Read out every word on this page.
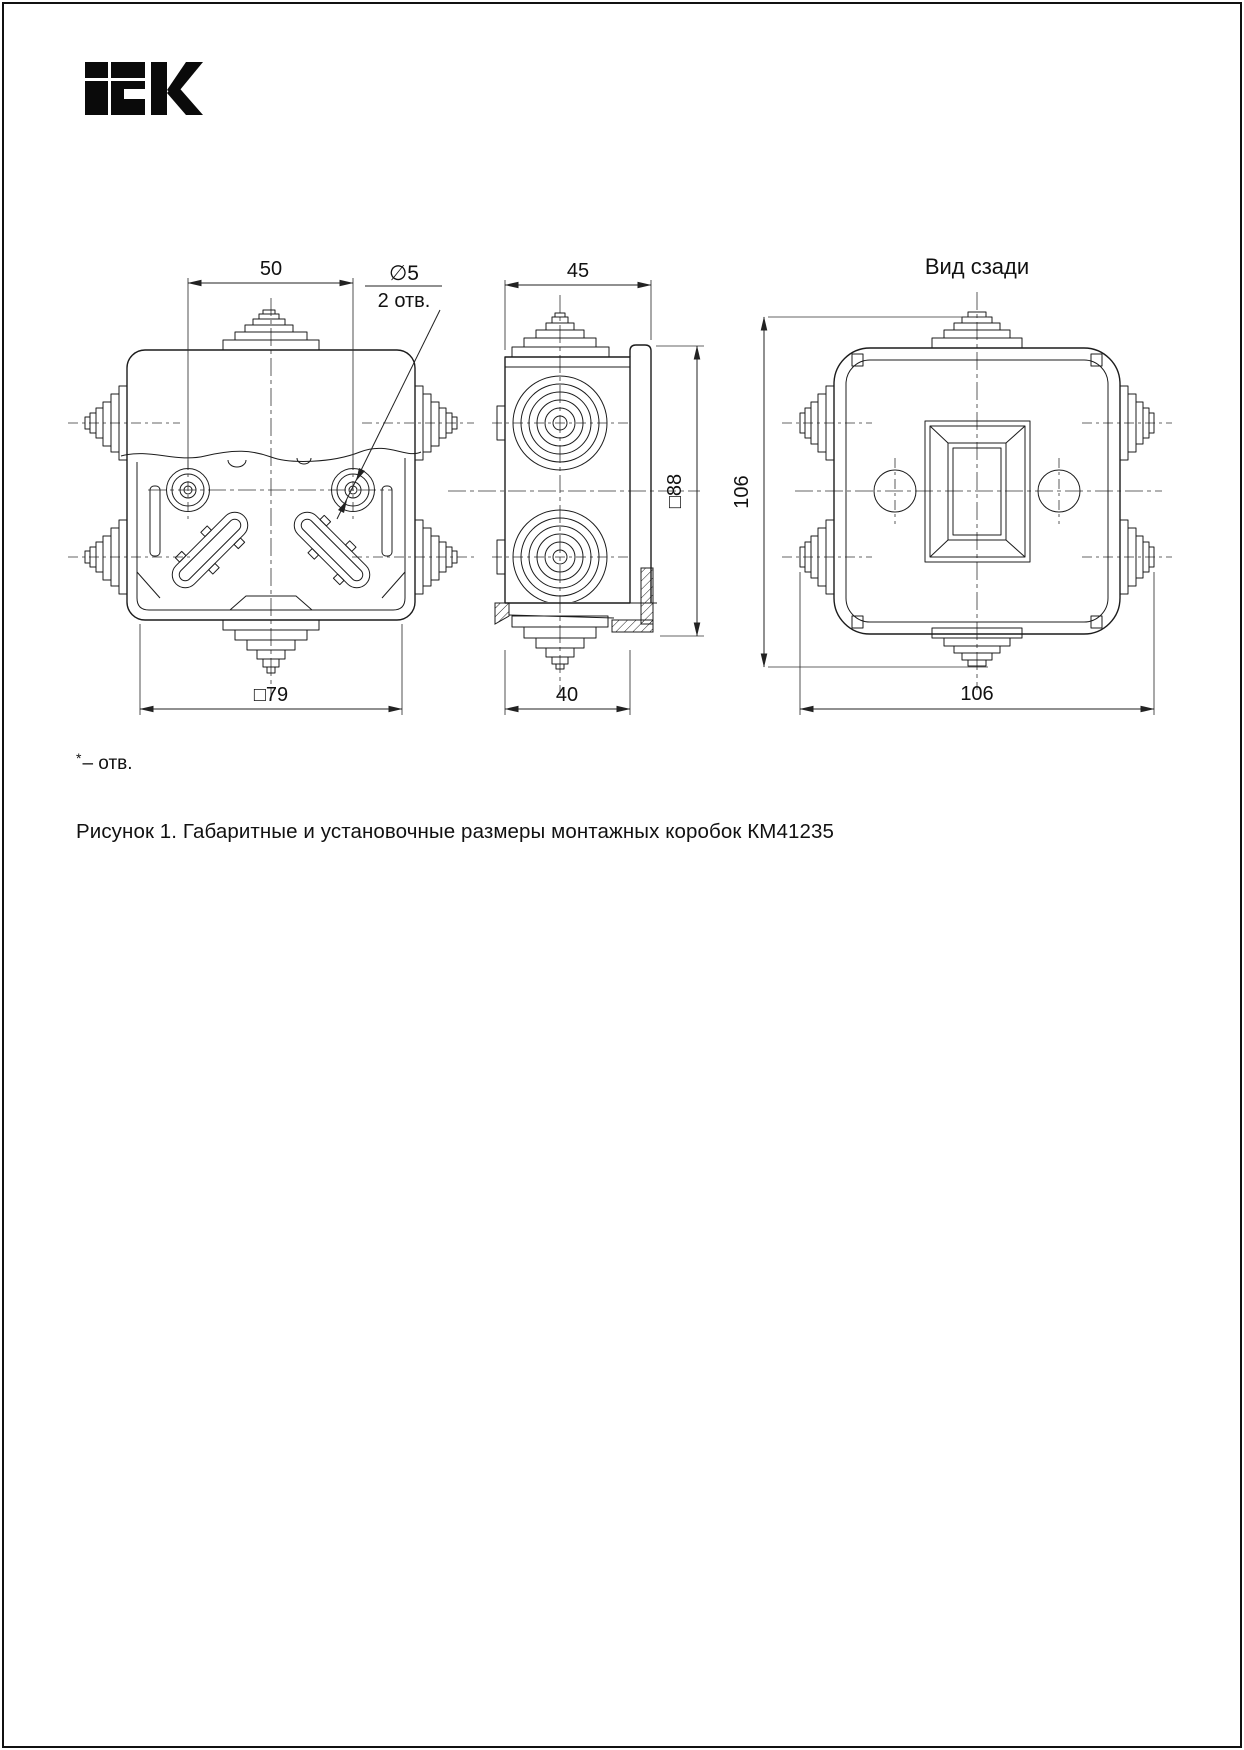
50	∅5
2 отв.
□79
45
□88
40
Вид сзади
106
106
*– отв.
Рисунок 1. Габаритные и установочные размеры монтажных коробок КМ41235
